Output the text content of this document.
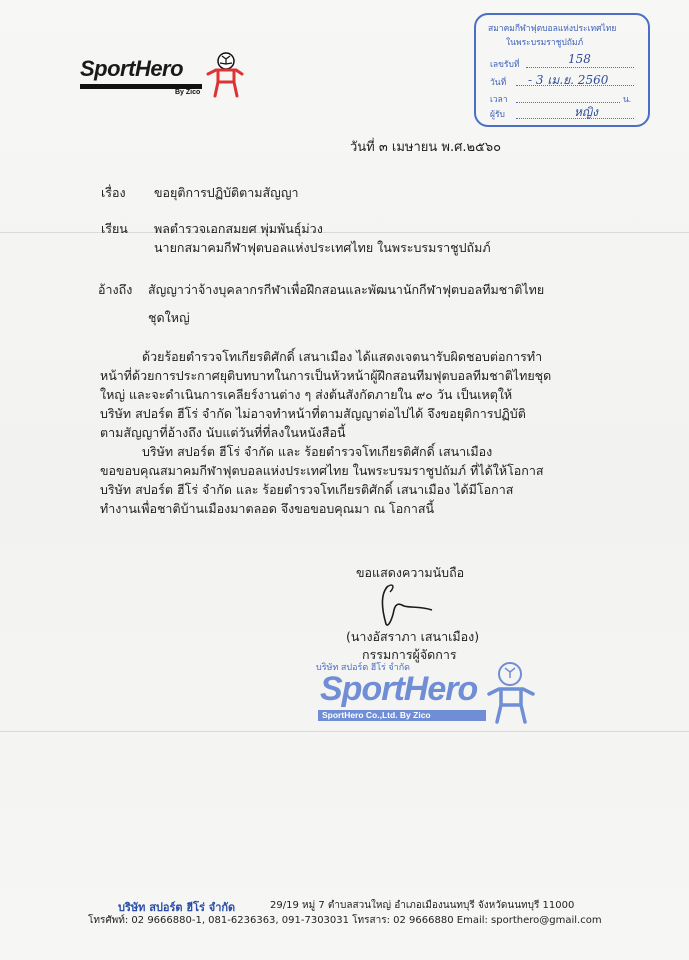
SportHero
By Zico
สมาคมกีฬาฟุตบอลแห่งประเทศไทย
ในพระบรมราชูปถัมภ์
เลขรับที่	158
วันที่ - 3 เม.ย. 2560
เวลา	น.
ผู้รับ	หญิง
วันที่ ๓ เมษายน พ.ศ.๒๕๖๐
เรื่อง ขอยุติการปฏิบัติตามสัญญา
เรียน พลตำรวจเอกสมยศ พุ่มพันธุ์ม่วง
นายกสมาคมกีฬาฟุตบอลแห่งประเทศไทย ในพระบรมราชูปถัมภ์
อ้างถึง สัญญาว่าจ้างบุคลากรกีฬาเพื่อฝึกสอนและพัฒนานักกีฬาฟุตบอลทีมชาติไทย
ชุดใหญ่
ด้วยร้อยตำรวจโทเกียรติศักดิ์ เสนาเมือง ได้แสดงเจตนารับผิดชอบต่อการทำ
หน้าที่ด้วยการประกาศยุติบทบาทในการเป็นหัวหน้าผู้ฝึกสอนทีมฟุตบอลทีมชาติไทยชุด
ใหญ่ และจะดำเนินการเคลียร์งานต่าง ๆ ส่งต้นสังกัดภายใน ๙๐ วัน เป็นเหตุให้
บริษัท สปอร์ต ฮีโร่ จำกัด ไม่อาจทำหน้าที่ตามสัญญาต่อไปได้ จึงขอยุติการปฏิบัติ
ตามสัญญาที่อ้างถึง นับแต่วันที่ที่ลงในหนังสือนี้
บริษัท สปอร์ต ฮีโร่ จำกัด และ ร้อยตำรวจโทเกียรติศักดิ์ เสนาเมือง
ขอขอบคุณสมาคมกีฬาฟุตบอลแห่งประเทศไทย ในพระบรมราชูปถัมภ์ ที่ได้ให้โอกาส
บริษัท สปอร์ต ฮีโร่ จำกัด และ ร้อยตำรวจโทเกียรติศักดิ์ เสนาเมือง ได้มีโอกาส
ทำงานเพื่อชาติบ้านเมืองมาตลอด จึงขอขอบคุณมา ณ โอกาสนี้
ขอแสดงความนับถือ
(นางอัสราภา เสนาเมือง)
กรรมการผู้จัดการ
บริษัท สปอร์ต ฮีโร่ จำกัด
SportHero
SportHero Co.,Ltd. By Zico
บริษัท สปอร์ต ฮีโร่ จำกัด	29/19 หมู่ 7 ตำบลสวนใหญ่ อำเภอเมืองนนทบุรี จังหวัดนนทบุรี 11000
โทรศัพท์: 02 9666880-1, 081-6236363, 091-7303031 โทรสาร: 02 9666880 Email: sporthero@gmail.com
